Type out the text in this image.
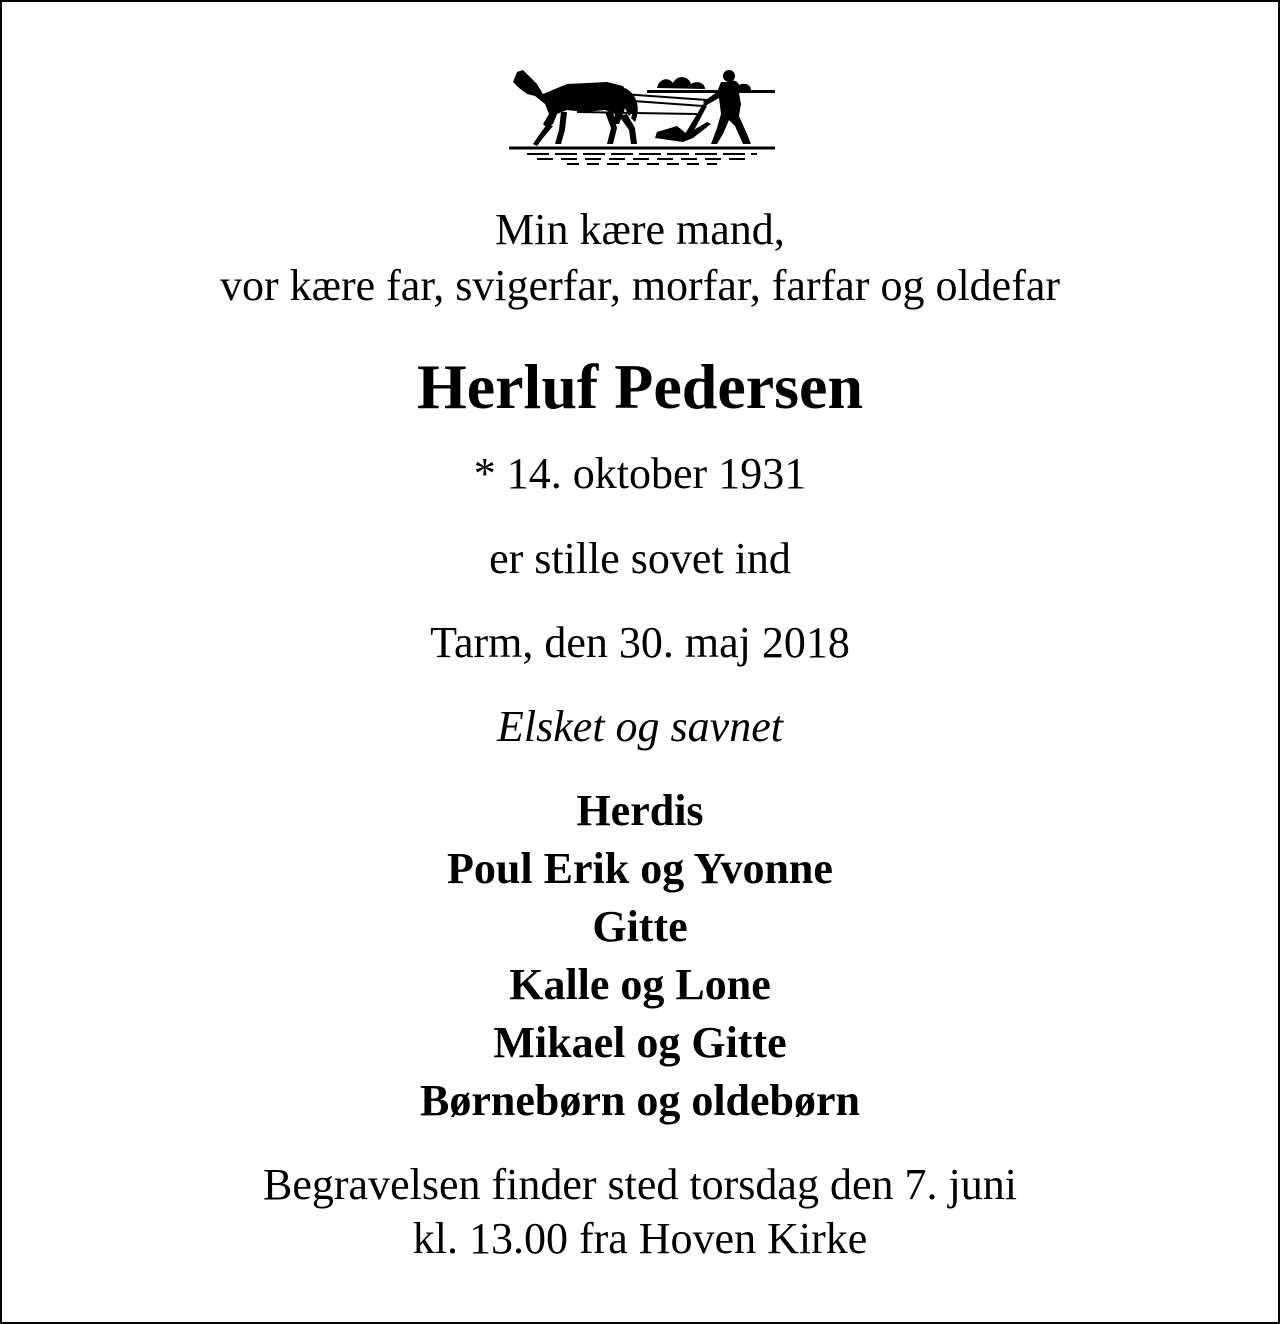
Min kære mand,
vor kære far, svigerfar, morfar, farfar og oldefar
Herluf Pedersen
* 14. oktober 1931
er stille sovet ind
Tarm, den 30. maj 2018
Elsket og savnet
Herdis
Poul Erik og Yvonne
Gitte
Kalle og Lone
Mikael og Gitte
Børnebørn og oldebørn
Begravelsen finder sted torsdag den 7. juni
kl. 13.00 fra Hoven Kirke
